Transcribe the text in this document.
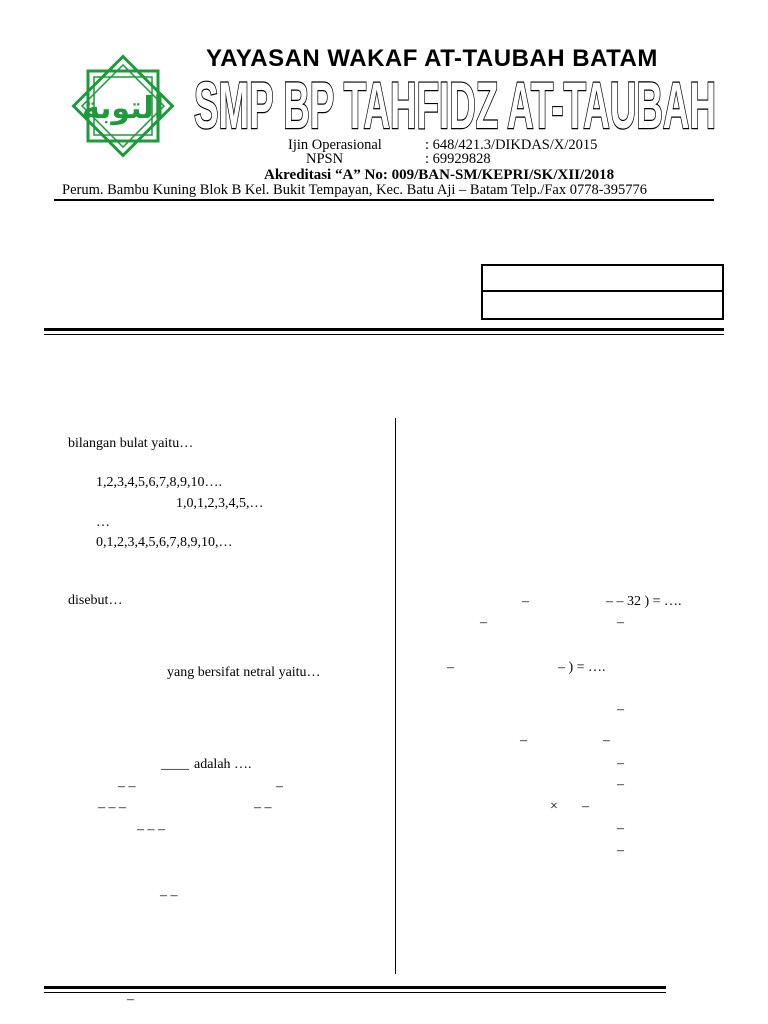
التوبة
YAYASAN WAKAF AT-TAUBAH BATAM
SMP BP TAHFIDZ AT-TAUBAH
Ijin Operasional	: 648/421.3/DIKDAS/X/2015
NPSN	: 69929828
Akreditasi “A” No: 009/BAN-SM/KEPRI/SK/XII/2018
Perum. Bambu Kuning Blok B Kel. Bukit Tempayan, Kec. Batu Aji – Batam Telp./Fax 0778-395776
bilangan bulat yaitu…
1,2,3,4,5,6,7,8,9,10….
1,0,1,2,3,4,5,…
…
0,1,2,3,4,5,6,7,8,9,10,…
disebut…
yang bersifat netral yaitu…
____ adalah ….
– –	–
– – –	– –
– – –
– –
–	– – 32 ) = ….
–	–
–	– ) = ….
–
–	–
–
–
× –
–
–
–
